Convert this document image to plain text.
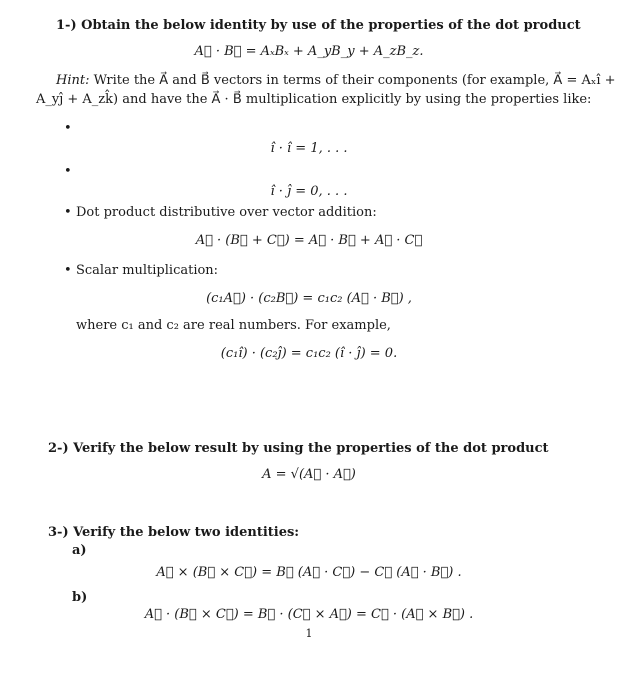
1-) Obtain the below identity by use of the properties of the dot product
A⃗ · B⃗ = AₓBₓ + A_yB_y + A_zB_z.
Hint: Write the A⃗ and B⃗ vectors in terms of their components (for example, A⃗ = Aₓî +
A_yĵ + A_zk̂) and have the A⃗ · B⃗ multiplication explicitly by using the properties like:
•
î · î = 1, . . .
•
î · ĵ = 0, . . .
• Dot product distributive over vector addition:
A⃗ · (B⃗ + C⃗) = A⃗ · B⃗ + A⃗ · C⃗
• Scalar multiplication:
(c₁A⃗) · (c₂B⃗) = c₁c₂ (A⃗ · B⃗) ,
where c₁ and c₂ are real numbers. For example,
(c₁î) · (c₂ĵ) = c₁c₂ (î · ĵ) = 0.
2-) Verify the below result by using the properties of the dot product
A = √(A⃗ · A⃗)
3-) Verify the below two identities:
a)
A⃗ × (B⃗ × C⃗) = B⃗ (A⃗ · C⃗) − C⃗ (A⃗ · B⃗) .
b)
A⃗ · (B⃗ × C⃗) = B⃗ · (C⃗ × A⃗) = C⃗ · (A⃗ × B⃗) .
1
